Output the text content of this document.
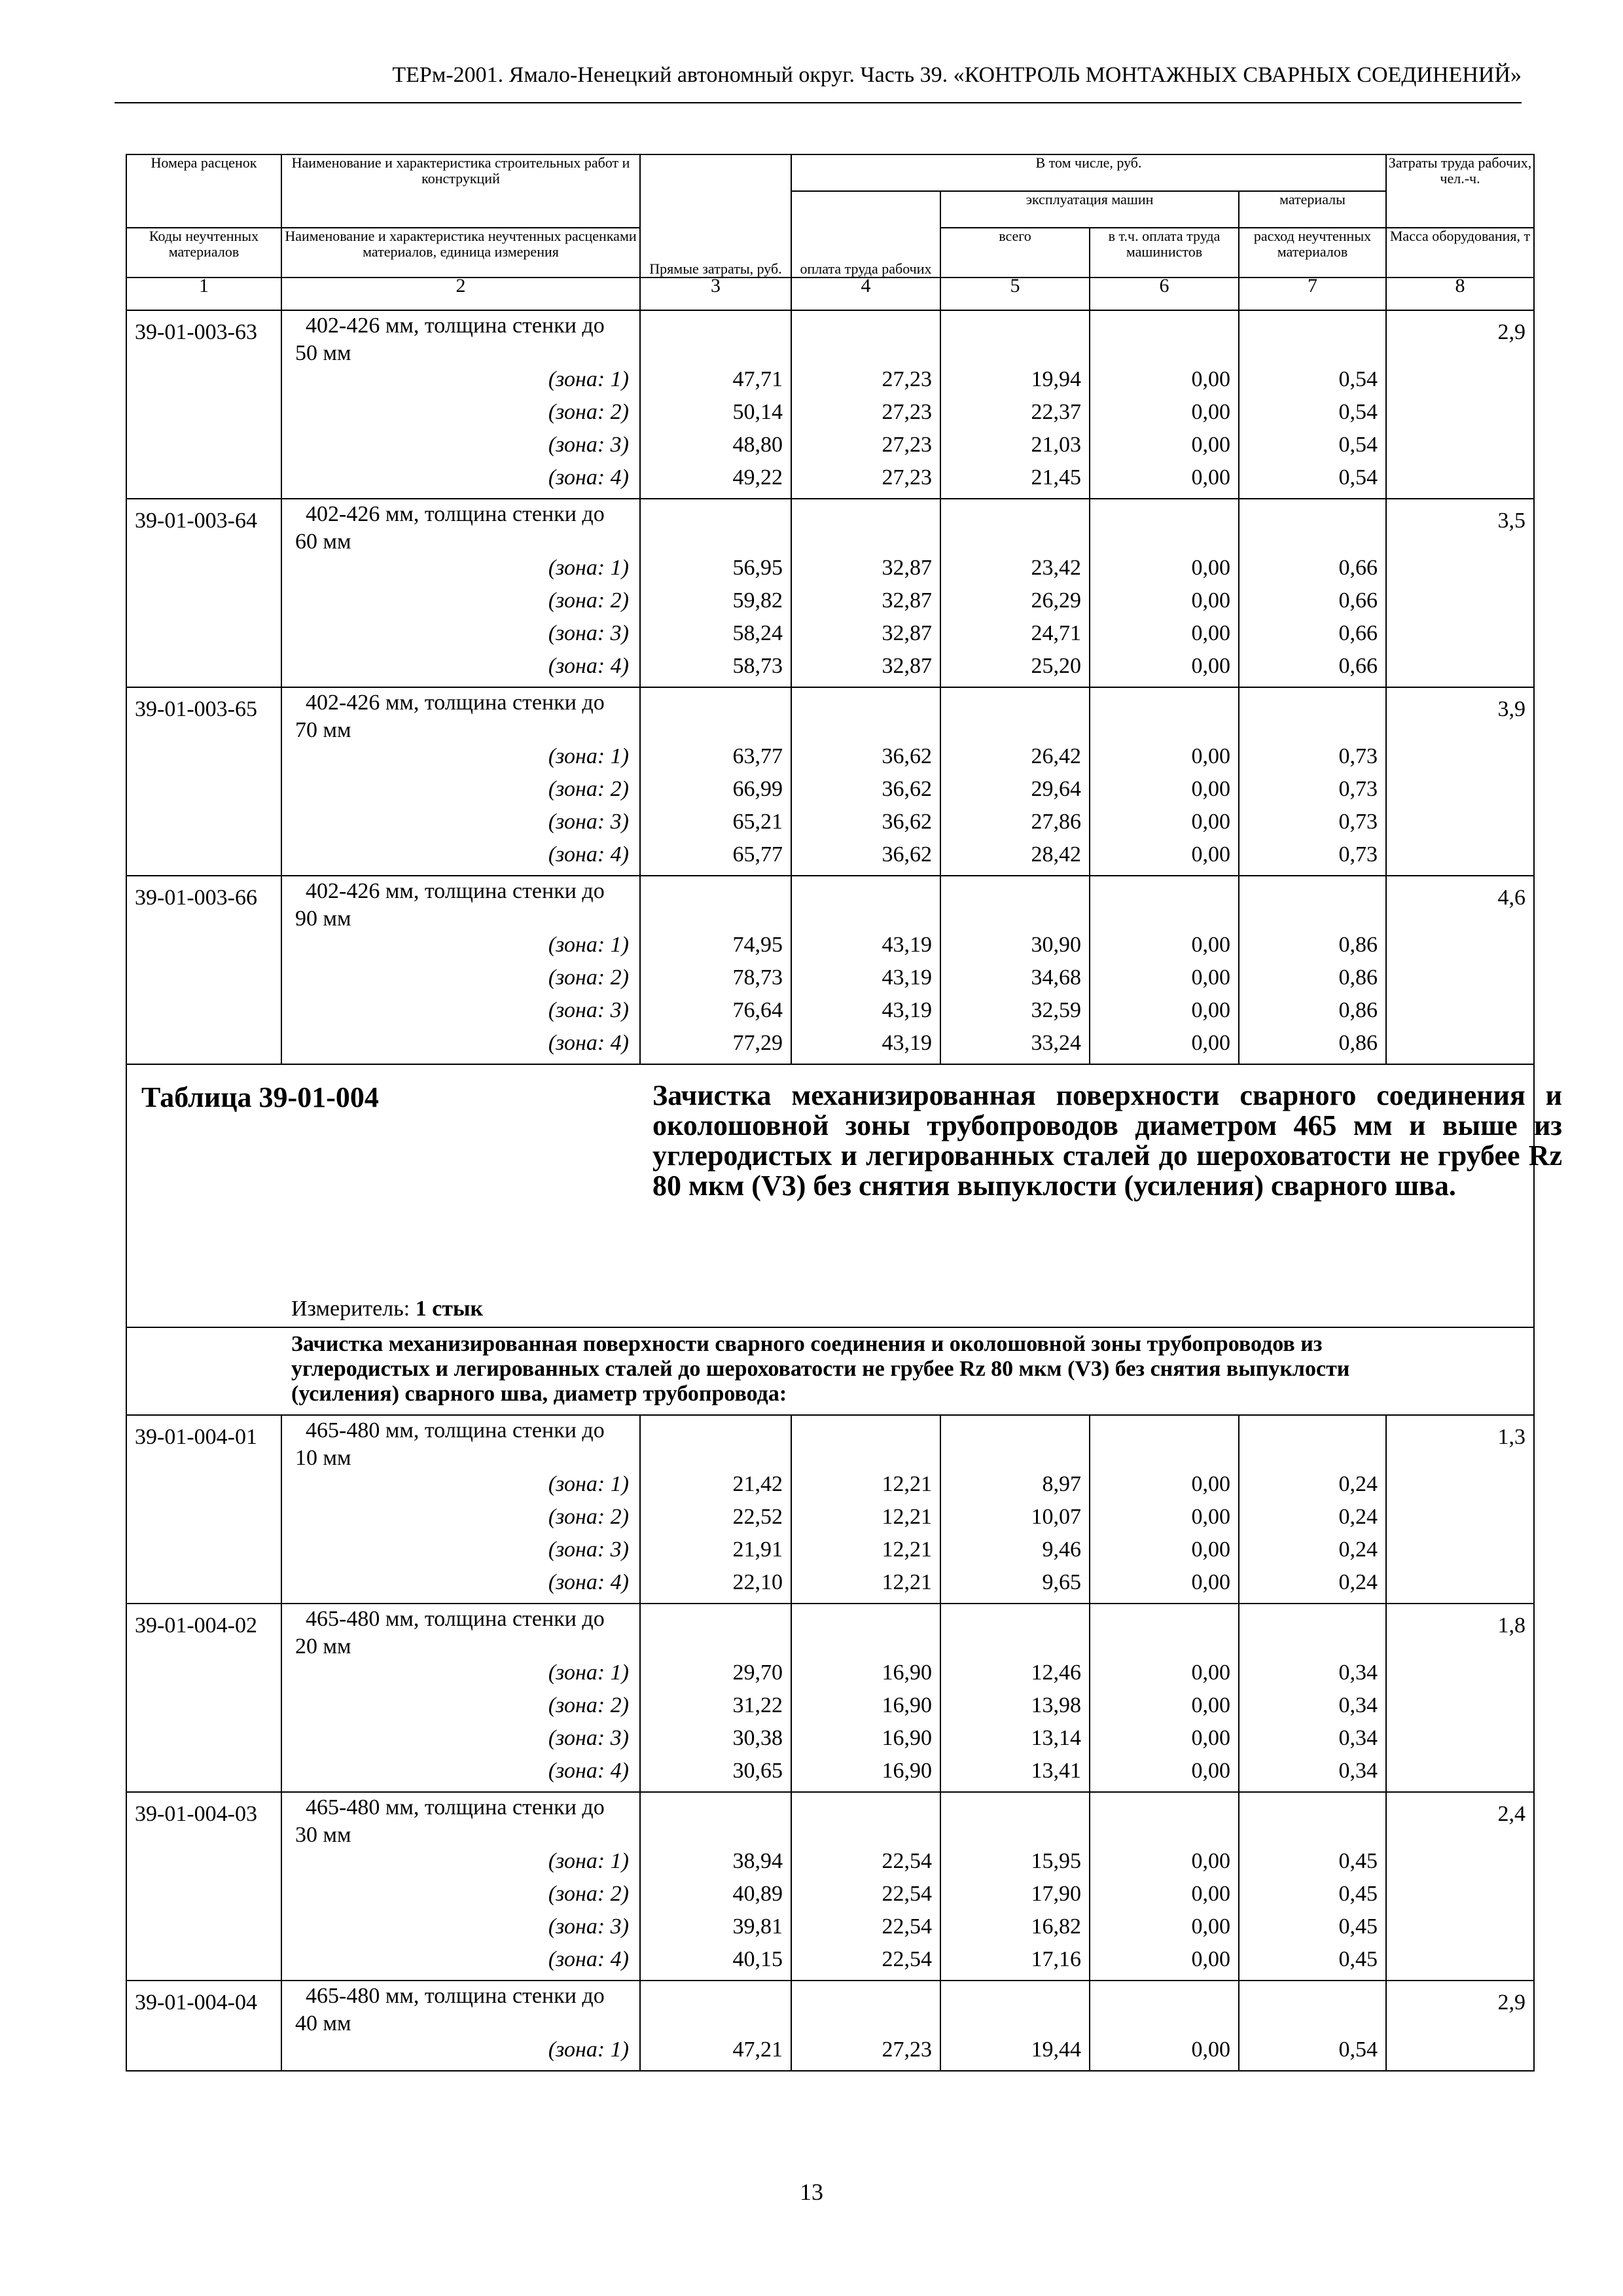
ТЕРм-2001. Ямало-Ненецкий автономный округ. Часть 39. «КОНТРОЛЬ МОНТАЖНЫХ СВАРНЫХ СОЕДИНЕНИЙ»
Номера расценок	Наименование и характеристика строительных работ и конструкций	Прямые затраты, руб.	В том числе, руб.				Затраты труда рабочих, чел.-ч.
			оплата труда рабочих	эксплуатация машин		материалы	
Коды неучтенных материалов	Наименование и характеристика неучтенных расценками материалов, единица измерения			всего	в т.ч. оплата труда машинистов	расход неучтенных материалов	Масса оборудования, т
1	2	3	4	5	6	7	8
39-01-003-63	402-426 мм, толщина стенки до 50 мм						2,9
	(зона: 1)	47,71	27,23	19,94	0,00	0,54	
	(зона: 2)	50,14	27,23	22,37	0,00	0,54	
	(зона: 3)	48,80	27,23	21,03	0,00	0,54	
	(зона: 4)	49,22	27,23	21,45	0,00	0,54	
39-01-003-64	402-426 мм, толщина стенки до 60 мм						3,5
	(зона: 1)	56,95	32,87	23,42	0,00	0,66	
	(зона: 2)	59,82	32,87	26,29	0,00	0,66	
	(зона: 3)	58,24	32,87	24,71	0,00	0,66	
	(зона: 4)	58,73	32,87	25,20	0,00	0,66	
39-01-003-65	402-426 мм, толщина стенки до 70 мм						3,9
	(зона: 1)	63,77	36,62	26,42	0,00	0,73	
	(зона: 2)	66,99	36,62	29,64	0,00	0,73	
	(зона: 3)	65,21	36,62	27,86	0,00	0,73	
	(зона: 4)	65,77	36,62	28,42	0,00	0,73	
39-01-003-66	402-426 мм, толщина стенки до 90 мм						4,6
	(зона: 1)	74,95	43,19	30,90	0,00	0,86	
	(зона: 2)	78,73	43,19	34,68	0,00	0,86	
	(зона: 3)	76,64	43,19	32,59	0,00	0,86	
	(зона: 4)	77,29	43,19	33,24	0,00	0,86	

Таблица 39-01-004 Зачистка механизированная поверхности сварного соединения и околошовной зоны трубопроводов диаметром 465 мм и выше из углеродистых и легированных сталей до шероховатости не грубее Rz 80 мкм (V3) без снятия выпуклости (усиления) сварного шва.
Измеритель: 1 стык							

Зачистка механизированная поверхности сварного соединения и околошовной зоны трубопроводов из углеродистых и легированных сталей до шероховатости не грубее Rz 80 мкм (V3) без снятия выпуклости (усиления) сварного шва, диаметр трубопровода:							
39-01-004-01	465-480 мм, толщина стенки до 10 мм						1,3
	(зона: 1)	21,42	12,21	8,97	0,00	0,24	
	(зона: 2)	22,52	12,21	10,07	0,00	0,24	
	(зона: 3)	21,91	12,21	9,46	0,00	0,24	
	(зона: 4)	22,10	12,21	9,65	0,00	0,24	
39-01-004-02	465-480 мм, толщина стенки до 20 мм						1,8
	(зона: 1)	29,70	16,90	12,46	0,00	0,34	
	(зона: 2)	31,22	16,90	13,98	0,00	0,34	
	(зона: 3)	30,38	16,90	13,14	0,00	0,34	
	(зона: 4)	30,65	16,90	13,41	0,00	0,34	
39-01-004-03	465-480 мм, толщина стенки до 30 мм						2,4
	(зона: 1)	38,94	22,54	15,95	0,00	0,45	
	(зона: 2)	40,89	22,54	17,90	0,00	0,45	
	(зона: 3)	39,81	22,54	16,82	0,00	0,45	
	(зона: 4)	40,15	22,54	17,16	0,00	0,45	
39-01-004-04	465-480 мм, толщина стенки до 40 мм						2,9
	(зона: 1)	47,21	27,23	19,44	0,00	0,54	
13
